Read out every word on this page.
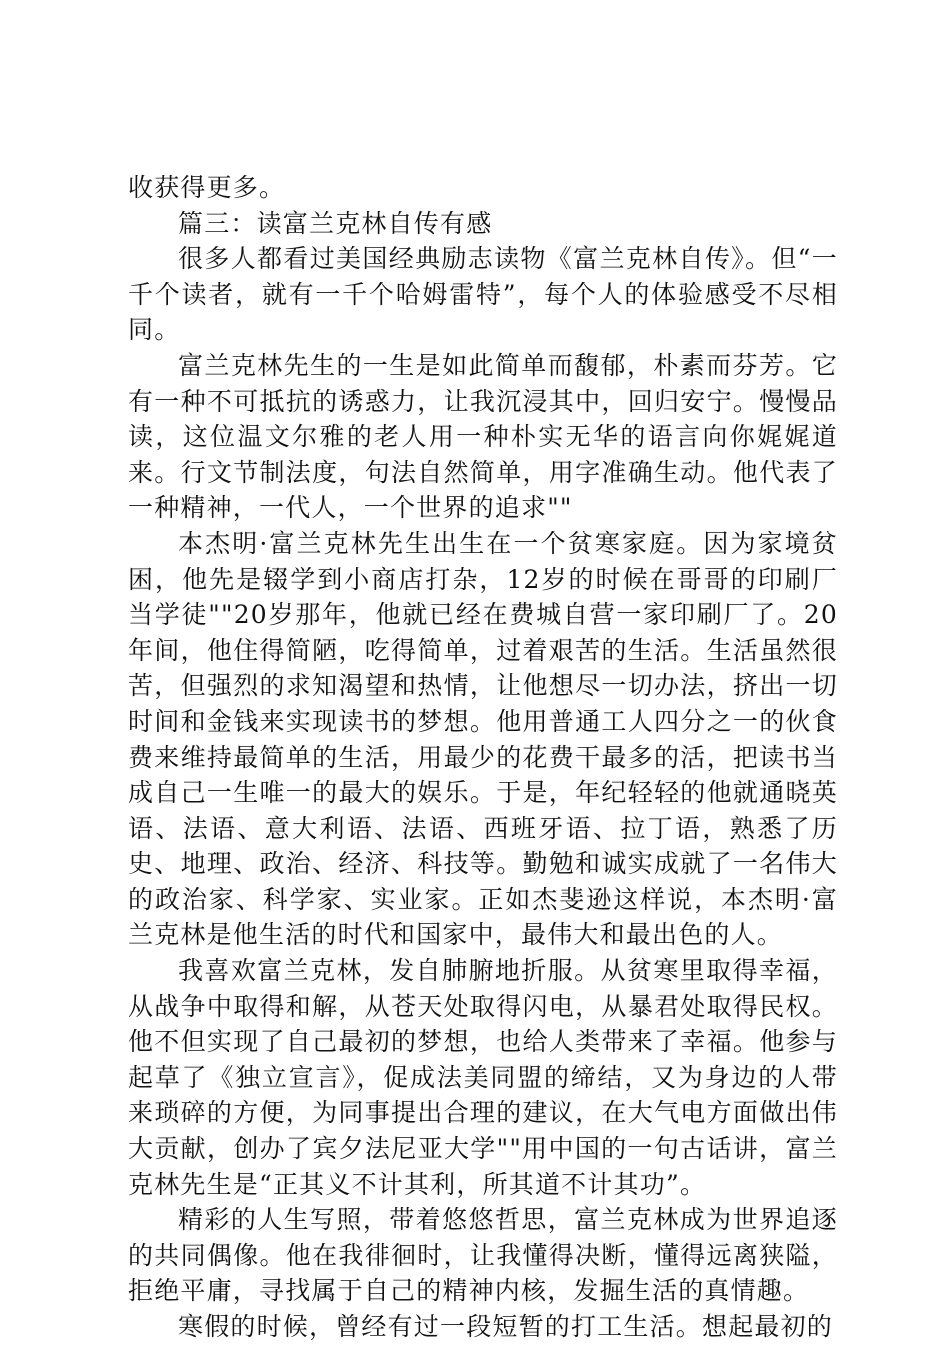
收获得更多。

篇三：读富兰克林自传有感

很多人都看过美国经典励志读物《富兰克林自传》。但“一千个读者，就有一千个哈姆雷特”，每个人的体验感受不尽相同。

富兰克林先生的一生是如此简单而馥郁，朴素而芬芳。它有一种不可抵抗的诱惑力，让我沉浸其中，回归安宁。慢慢品读，这位温文尔雅的老人用一种朴实无华的语言向你娓娓道来。行文节制法度，句法自然简单，用字准确生动。他代表了一种精神，一代人，一个世界的追求""

本杰明·富兰克林先生出生在一个贫寒家庭。因为家境贫困，他先是辍学到小商店打杂，12岁的时候在哥哥的印刷厂当学徒""20岁那年，他就已经在费城自营一家印刷厂了。20年间，他住得简陋，吃得简单，过着艰苦的生活。生活虽然很苦，但强烈的求知渴望和热情，让他想尽一切办法，挤出一切时间和金钱来实现读书的梦想。他用普通工人四分之一的伙食费来维持最简单的生活，用最少的花费干最多的活，把读书当成自己一生唯一的最大的娱乐。于是，年纪轻轻的他就通晓英语、法语、意大利语、法语、西班牙语、拉丁语，熟悉了历史、地理、政治、经济、科技等。勤勉和诚实成就了一名伟大的政治家、科学家、实业家。正如杰斐逊这样说，本杰明·富兰克林是他生活的时代和国家中，最伟大和最出色的人。

我喜欢富兰克林，发自肺腑地折服。从贫寒里取得幸福，从战争中取得和解，从苍天处取得闪电，从暴君处取得民权。他不但实现了自己最初的梦想，也给人类带来了幸福。他参与起草了《独立宣言》，促成法美同盟的缔结，又为身边的人带来琐碎的方便，为同事提出合理的建议，在大气电方面做出伟大贡献，创办了宾夕法尼亚大学""用中国的一句古话讲，富兰克林先生是“正其义不计其利，所其道不计其功”。

精彩的人生写照，带着悠悠哲思，富兰克林成为世界追逐的共同偶像。他在我徘徊时，让我懂得决断，懂得远离狭隘，拒绝平庸，寻找属于自己的精神内核，发掘生活的真情趣。

寒假的时候，曾经有过一段短暂的打工生活。想起最初的
